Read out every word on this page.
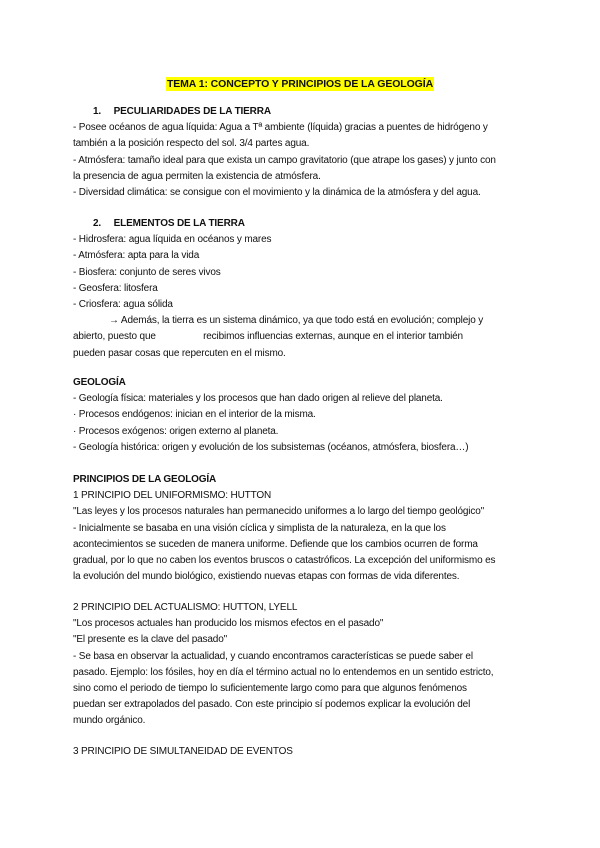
TEMA 1: CONCEPTO Y PRINCIPIOS DE LA GEOLOGÍA

1. PECULIARIDADES DE LA TIERRA

- Posee océanos de agua líquida: Agua a Tª ambiente (líquida) gracias a puentes de hidrógeno y

también a la posición respecto del sol. 3/4 partes agua.

- Atmósfera: tamaño ideal para que exista un campo gravitatorio (que atrape los gases) y junto con

la presencia de agua permiten la existencia de atmósfera.

- Diversidad climática: se consigue con el movimiento y la dinámica de la atmósfera y del agua.

2. ELEMENTOS DE LA TIERRA

- Hidrosfera: agua líquida en océanos y mares

- Atmósfera: apta para la vida

- Biosfera: conjunto de seres vivos

- Geosfera: litosfera

- Criosfera: agua sólida

→ Además, la tierra es un sistema dinámico, ya que todo está en evolución; complejo y

abierto, puesto que                  recibimos influencias externas, aunque en el interior también

pueden pasar cosas que repercuten en el mismo.

GEOLOGÍA

- Geología física: materiales y los procesos que han dado origen al relieve del planeta.

· Procesos endógenos: inician en el interior de la misma.

· Procesos exógenos: origen externo al planeta.

- Geología histórica: origen y evolución de los subsistemas (océanos, atmósfera, biosfera…)

PRINCIPIOS DE LA GEOLOGÍA

1 PRINCIPIO DEL UNIFORMISMO: HUTTON

"Las leyes y los procesos naturales han permanecido uniformes a lo largo del tiempo geológico"

- Inicialmente se basaba en una visión cíclica y simplista de la naturaleza, en la que los

acontecimientos se suceden de manera uniforme. Defiende que los cambios ocurren de forma

gradual, por lo que no caben los eventos bruscos o catastróficos. La excepción del uniformismo es

la evolución del mundo biológico, existiendo nuevas etapas con formas de vida diferentes.

2 PRINCIPIO DEL ACTUALISMO: HUTTON, LYELL

"Los procesos actuales han producido los mismos efectos en el pasado"

"El presente es la clave del pasado"

- Se basa en observar la actualidad, y cuando encontramos características se puede saber el

pasado. Ejemplo: los fósiles, hoy en día el término actual no lo entendemos en un sentido estricto,

sino como el periodo de tiempo lo suficientemente largo como para que algunos fenómenos

puedan ser extrapolados del pasado. Con este principio sí podemos explicar la evolución del

mundo orgánico.

3 PRINCIPIO DE SIMULTANEIDAD DE EVENTOS
